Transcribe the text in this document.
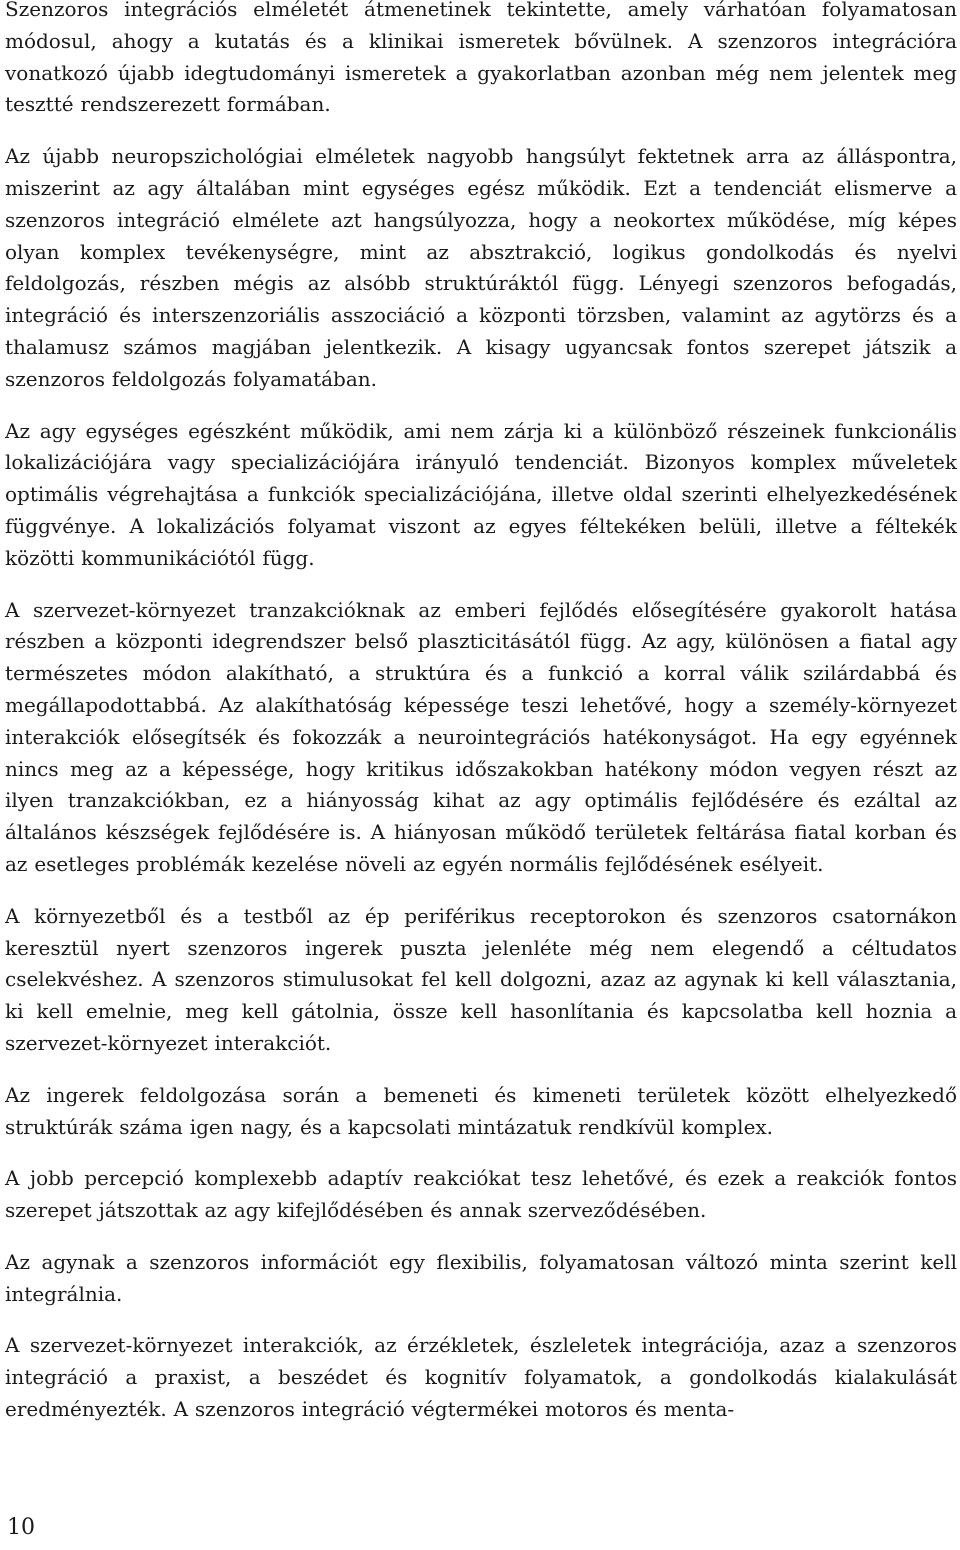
Szenzoros integrációs elméletét átmenetinek tekintette, amely várhatóan folyamatosan módosul, ahogy a kutatás és a klinikai ismeretek bővülnek. A szenzoros integrációra vonatkozó újabb idegtudományi ismeretek a gyakorlatban azonban még nem jelentek meg tesztté rendszerezett formában.

Az újabb neuropszichológiai elméletek nagyobb hangsúlyt fektetnek arra az álláspontra, miszerint az agy általában mint egységes egész működik. Ezt a tendenciát elismerve a szenzoros integráció elmélete azt hangsúlyozza, hogy a neokortex működése, míg képes olyan komplex tevékenységre, mint az absztrakció, logikus gondolkodás és nyelvi feldolgozás, részben mégis az alsóbb struktúráktól függ. Lényegi szenzoros befogadás, integráció és interszenzoriális asszociáció a központi törzsben, valamint az agytörzs és a thalamusz számos magjában jelentkezik. A kisagy ugyancsak fontos szerepet játszik a szenzoros feldolgozás folyamatában.

Az agy egységes egészként működik, ami nem zárja ki a különböző részeinek funkcionális lokalizációjára vagy specializációjára irányuló tendenciát. Bizonyos komplex műveletek optimális végrehajtása a funkciók specializációjána, illetve oldal szerinti elhelyezkedésének függvénye. A lokalizációs folyamat viszont az egyes féltekéken belüli, illetve a féltekék közötti kommunikációtól függ.

A szervezet-környezet tranzakcióknak az emberi fejlődés elősegítésére gyakorolt hatása részben a központi idegrendszer belső plaszticitásától függ. Az agy, különösen a fiatal agy természetes módon alakítható, a struktúra és a funkció a korral válik szilárdabbá és megállapodottabbá. Az alakíthatóság képessége teszi lehetővé, hogy a személy-környezet interakciók elősegítsék és fokozzák a neurointegrációs hatékonyságot. Ha egy egyénnek nincs meg az a képessége, hogy kritikus időszakokban hatékony módon vegyen részt az ilyen tranzakciókban, ez a hiányosság kihat az agy optimális fejlődésére és ezáltal az általános készségek fejlődésére is. A hiányosan működő területek feltárása fiatal korban és az esetleges problémák kezelése növeli az egyén normális fejlődésének esélyeit.

A környezetből és a testből az ép periférikus receptorokon és szenzoros csatornákon keresztül nyert szenzoros ingerek puszta jelenléte még nem elegendő a céltudatos cselekvéshez. A szenzoros stimulusokat fel kell dolgozni, azaz az agynak ki kell választania, ki kell emelnie, meg kell gátolnia, össze kell hasonlítania és kapcsolatba kell hoznia a szervezet-környezet interakciót.

Az ingerek feldolgozása során a bemeneti és kimeneti területek között elhelyezkedő struktúrák száma igen nagy, és a kapcsolati mintázatuk rendkívül komplex.

A jobb percepció komplexebb adaptív reakciókat tesz lehetővé, és ezek a reakciók fontos szerepet játszottak az agy kifejlődésében és annak szerveződésében.

Az agynak a szenzoros információt egy flexibilis, folyamatosan változó minta szerint kell integrálnia.

A szervezet-környezet interakciók, az érzékletek, észleletek integrációja, azaz a szenzoros integráció a praxist, a beszédet és kognitív folyamatok, a gondolkodás kialakulását eredményezték. A szenzoros integráció végtermékei motoros és menta-

10
